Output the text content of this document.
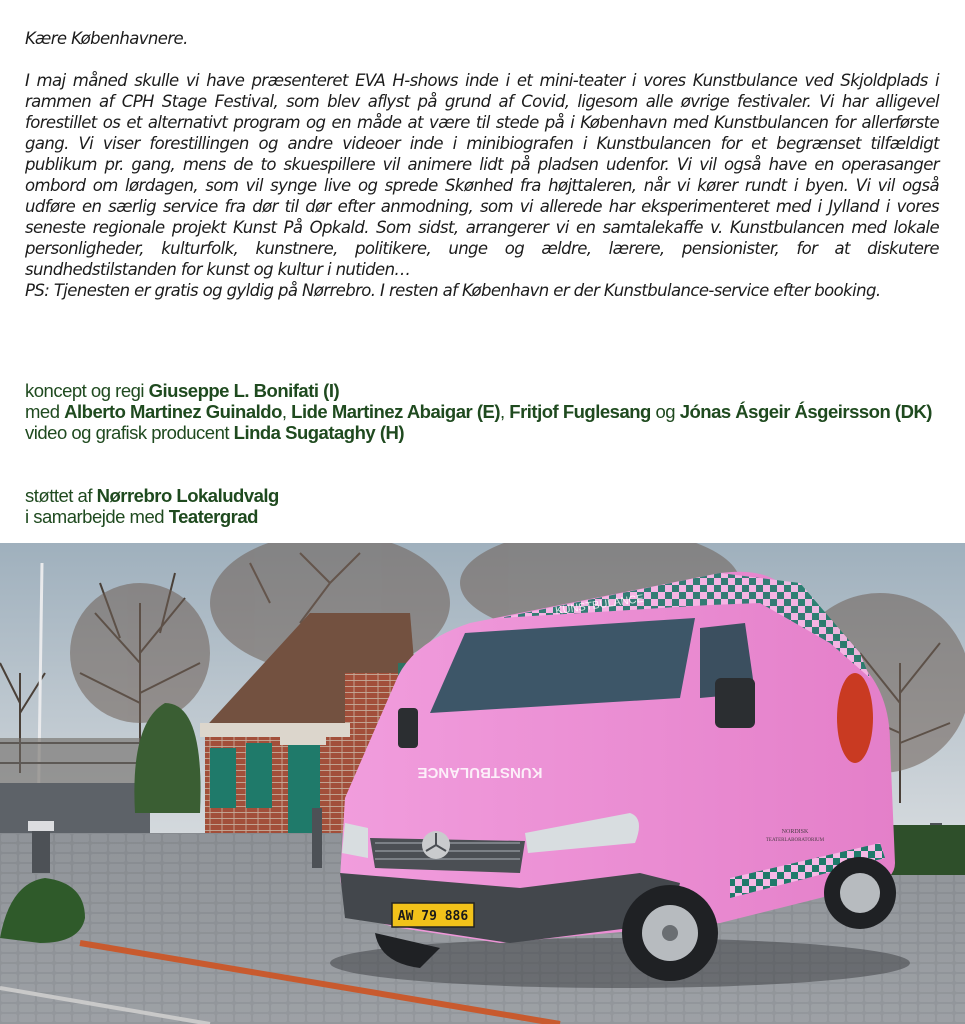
Kære Københavnere.

I maj måned skulle vi have præsenteret EVA H-shows inde i et mini-teater i vores Kunstbulance ved Skjoldplads i rammen af CPH Stage Festival, som blev aflyst på grund af Covid, ligesom alle øvrige festivaler. Vi har alligevel forestillet os et alternativt program og en måde at være til stede på i København med Kunstbulancen for allerførste gang. Vi viser forestillingen og andre videoer inde i minibiografen i Kunstbulancen for et begrænset tilfældigt publikum pr. gang, mens de to skuespillere vil animere lidt på pladsen udenfor. Vi vil også have en operasanger ombord om lørdagen, som vil synge live og sprede Skønhed fra højttaleren, når vi kører rundt i byen. Vi vil også udføre en særlig service fra dør til dør efter anmodning, som vi allerede har eksperimenteret med i Jylland i vores seneste regionale projekt Kunst På Opkald. Som sidst, arrangerer vi en samtalekaffe v. Kunstbulancen med lokale personligheder, kulturfolk, kunstnere, politikere, unge og ældre, lærere, pensionister, for at diskutere sundhedstilstanden for kunst og kultur i nutiden…

PS: Tjenesten er gratis og gyldig på Nørrebro. I resten af København er der Kunstbulance-service efter booking.

koncept og regi Giuseppe L. Bonifati (I)

med Alberto Martinez Guinaldo, Lide Martinez Abaigar (E), Fritjof Fuglesang og Jónas Ásgeir Ásgeirsson (DK)

video og grafisk producent Linda Sugataghy (H)

støttet af Nørrebro Lokaludvalg

i samarbejde med Teatergrad

AW 79 886
KUNSTBULANCE
KUNSTBULANCE
NORDISK
TEATERLABORATORIUM
